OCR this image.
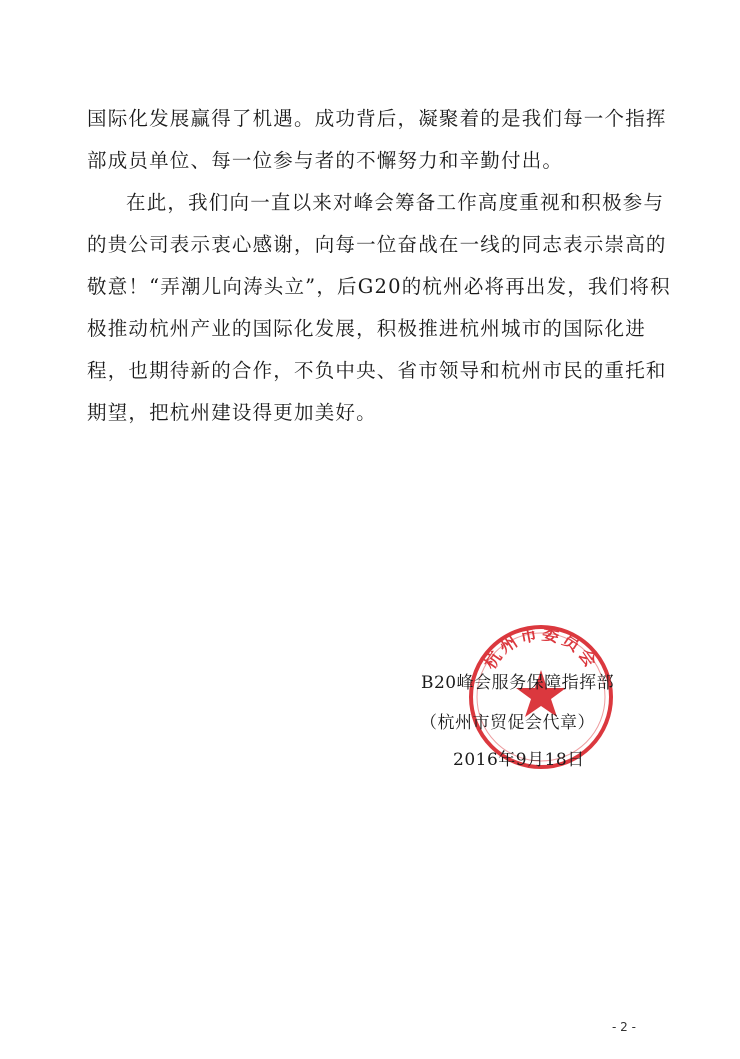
国际化发展赢得了机遇。成功背后，凝聚着的是我们每一个指挥
部成员单位、每一位参与者的不懈努力和辛勤付出。
在此，我们向一直以来对峰会筹备工作高度重视和积极参与
的贵公司表示衷心感谢，向每一位奋战在一线的同志表示崇高的
敬意！“弄潮儿向涛头立”，后G20的杭州必将再出发，我们将积
极推动杭州产业的国际化发展，积极推进杭州城市的国际化进
程，也期待新的合作，不负中央、省市领导和杭州市民的重托和
期望，把杭州建设得更加美好。
杭州市委员会
B20峰会服务保障指挥部
（杭州市贸促会代章）
2016年9月18日
- 2 -
